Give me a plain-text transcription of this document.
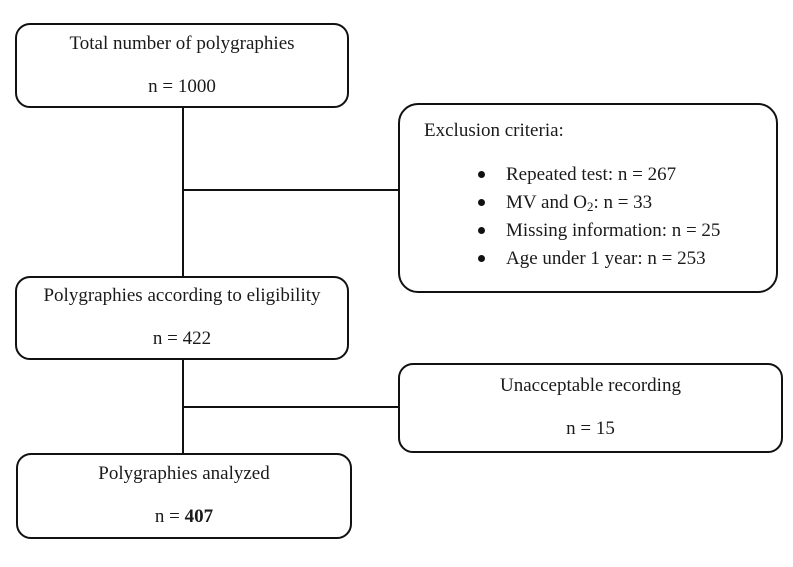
Total number of polygraphies
n = 1000
Exclusion criteria:
Repeated test: n = 267
MV and O2: n = 33
Missing information: n = 25
Age under 1 year: n = 253
Polygraphies according to eligibility
n = 422
Unacceptable recording
n = 15
Polygraphies analyzed
n = 407
